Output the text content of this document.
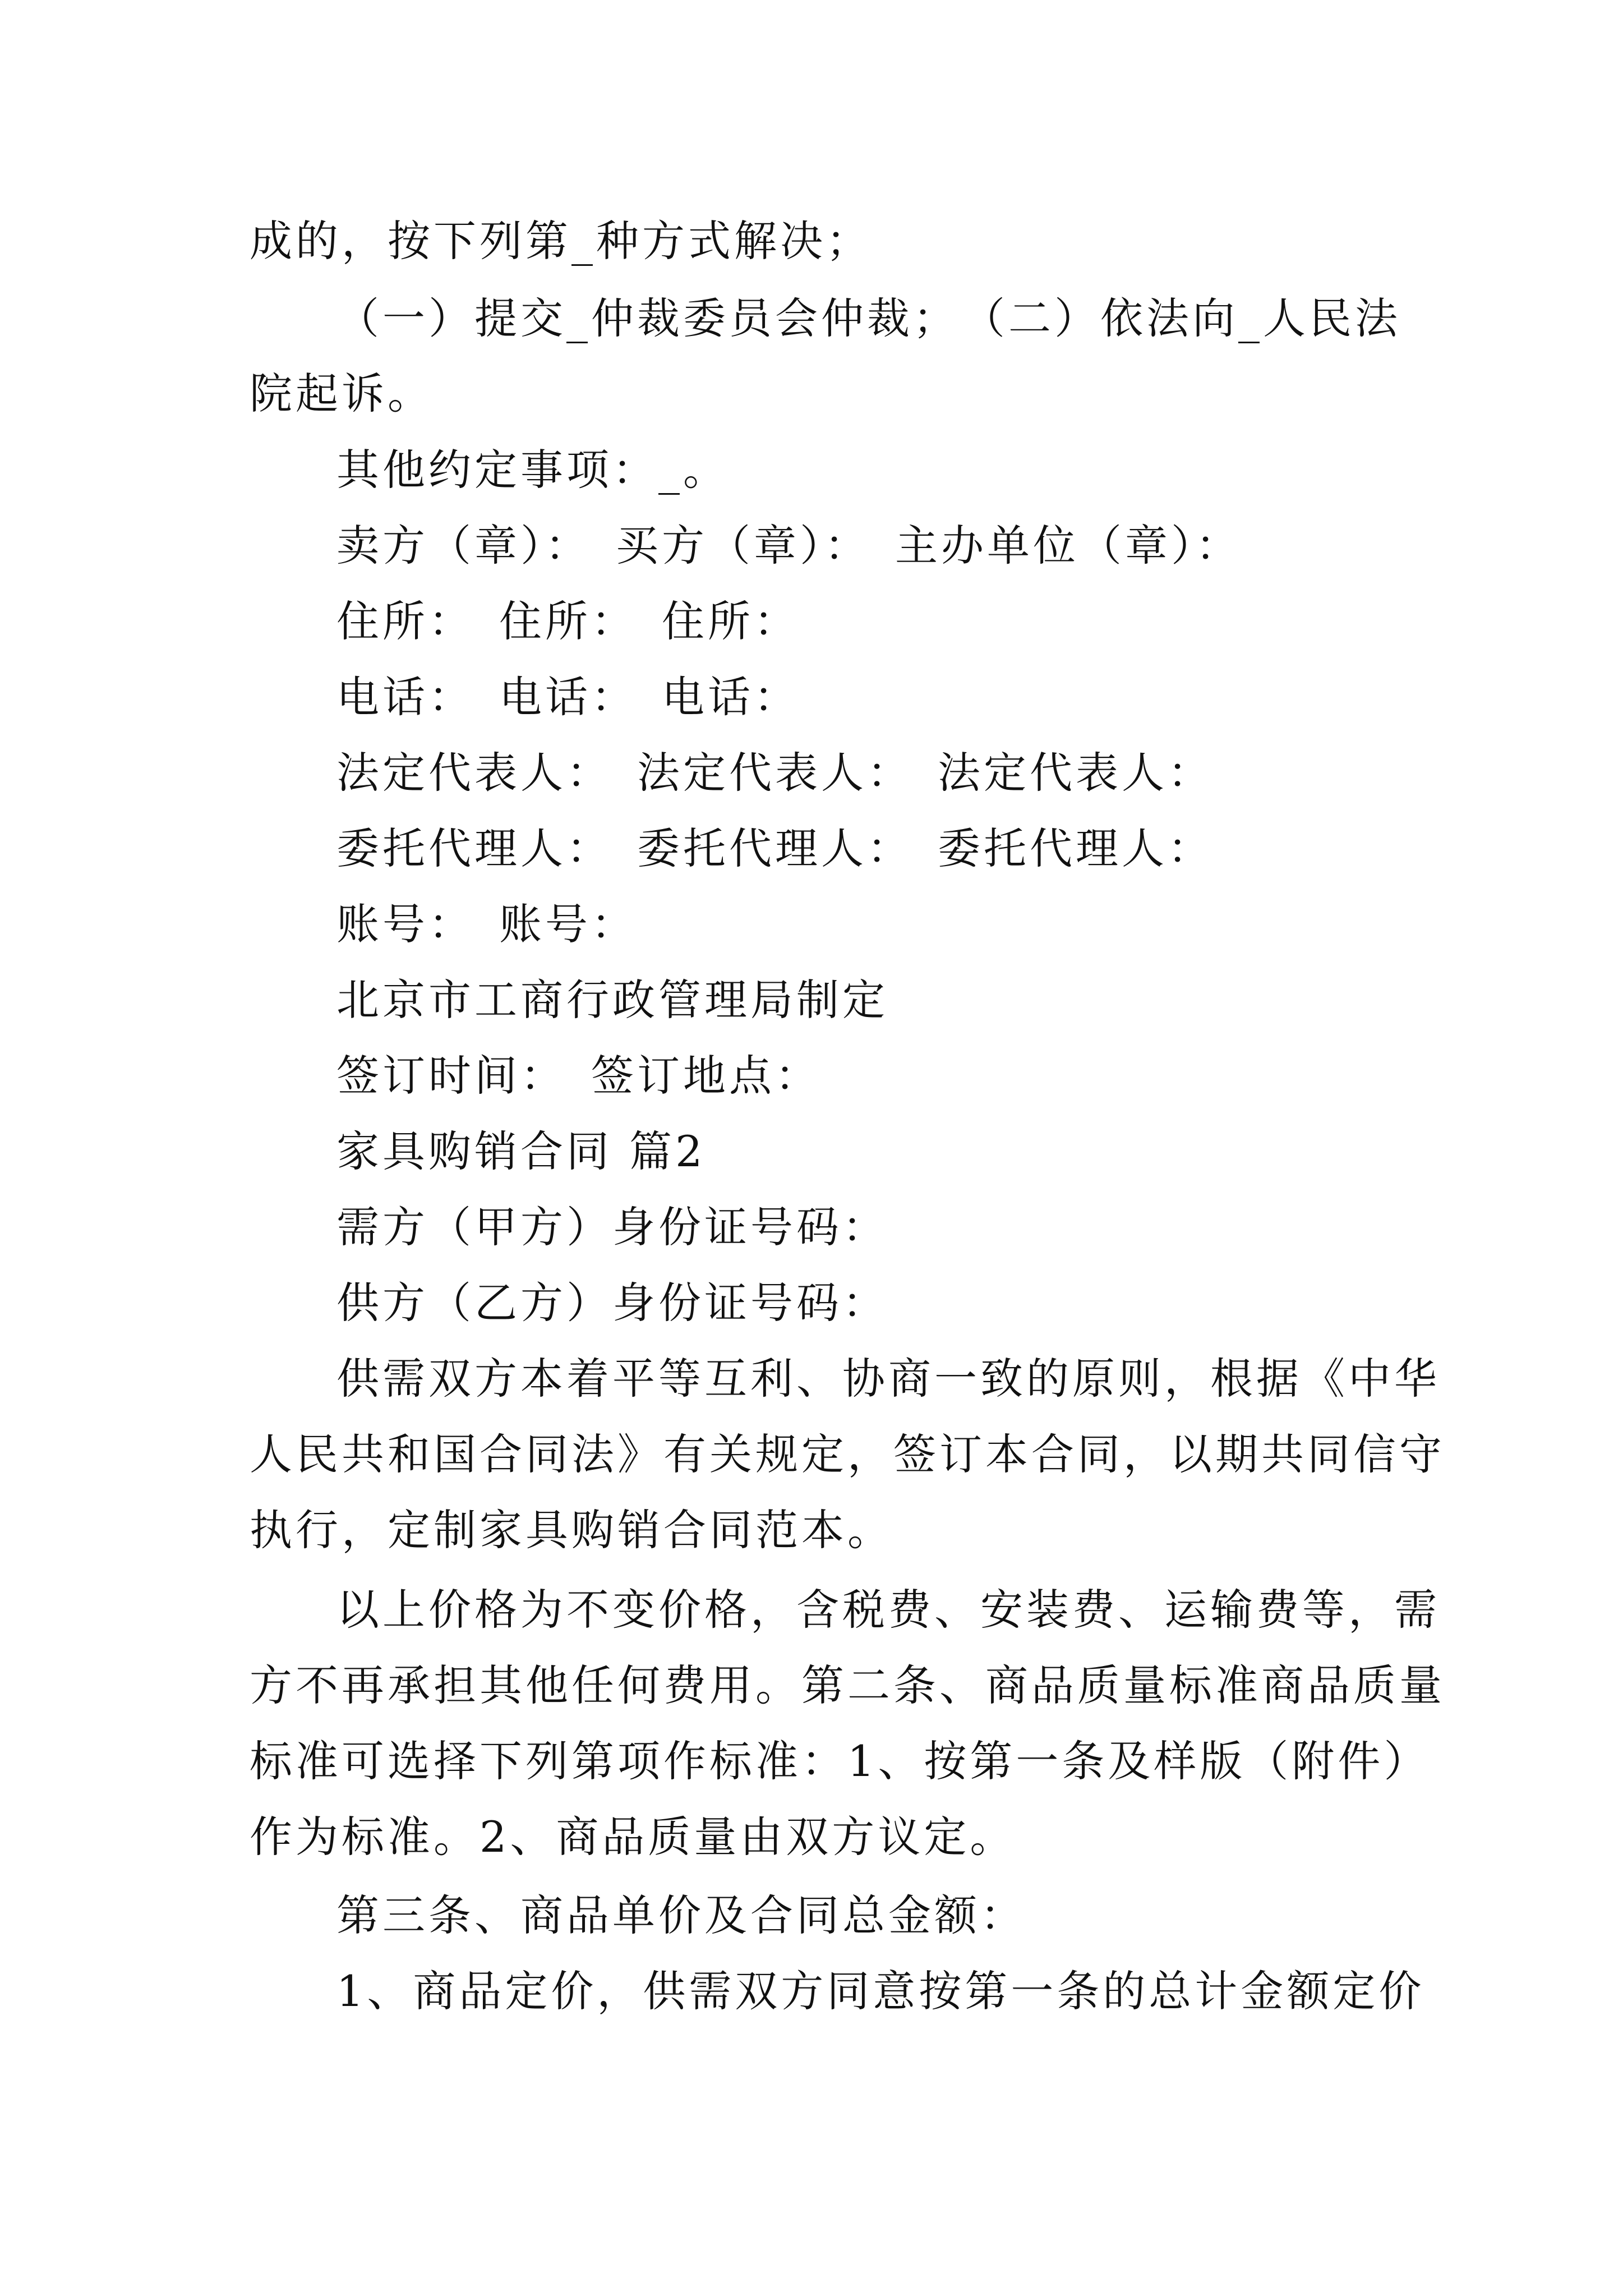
成的，按下列第_种方式解决；
（一）提交_仲裁委员会仲裁；　（二）依法向_人民法
院起诉。
其他约定事项：_。
卖方（章）：　买方（章）：　主办单位（章）：
住所：　住所：　住所：
电话：　电话：　电话：
法定代表人：　法定代表人：　法定代表人：
委托代理人：　委托代理人：　委托代理人：
账号：　账号：
北京市工商行政管理局制定
签订时间：　签订地点：
家具购销合同 篇2
需方（甲方）身份证号码：
供方（乙方）身份证号码：
供需双方本着平等互利、协商一致的原则，根据《中华
人民共和国合同法》有关规定，签订本合同，以期共同信守
执行，定制家具购销合同范本。
以上价格为不变价格，含税费、安装费、运输费等，需
方不再承担其他任何费用。第二条、商品质量标准商品质量
标准可选择下列第项作标准：1、按第一条及样版（附件）
作为标准。2、商品质量由双方议定。
第三条、商品单价及合同总金额：
1、商品定价，供需双方同意按第一条的总计金额定价
